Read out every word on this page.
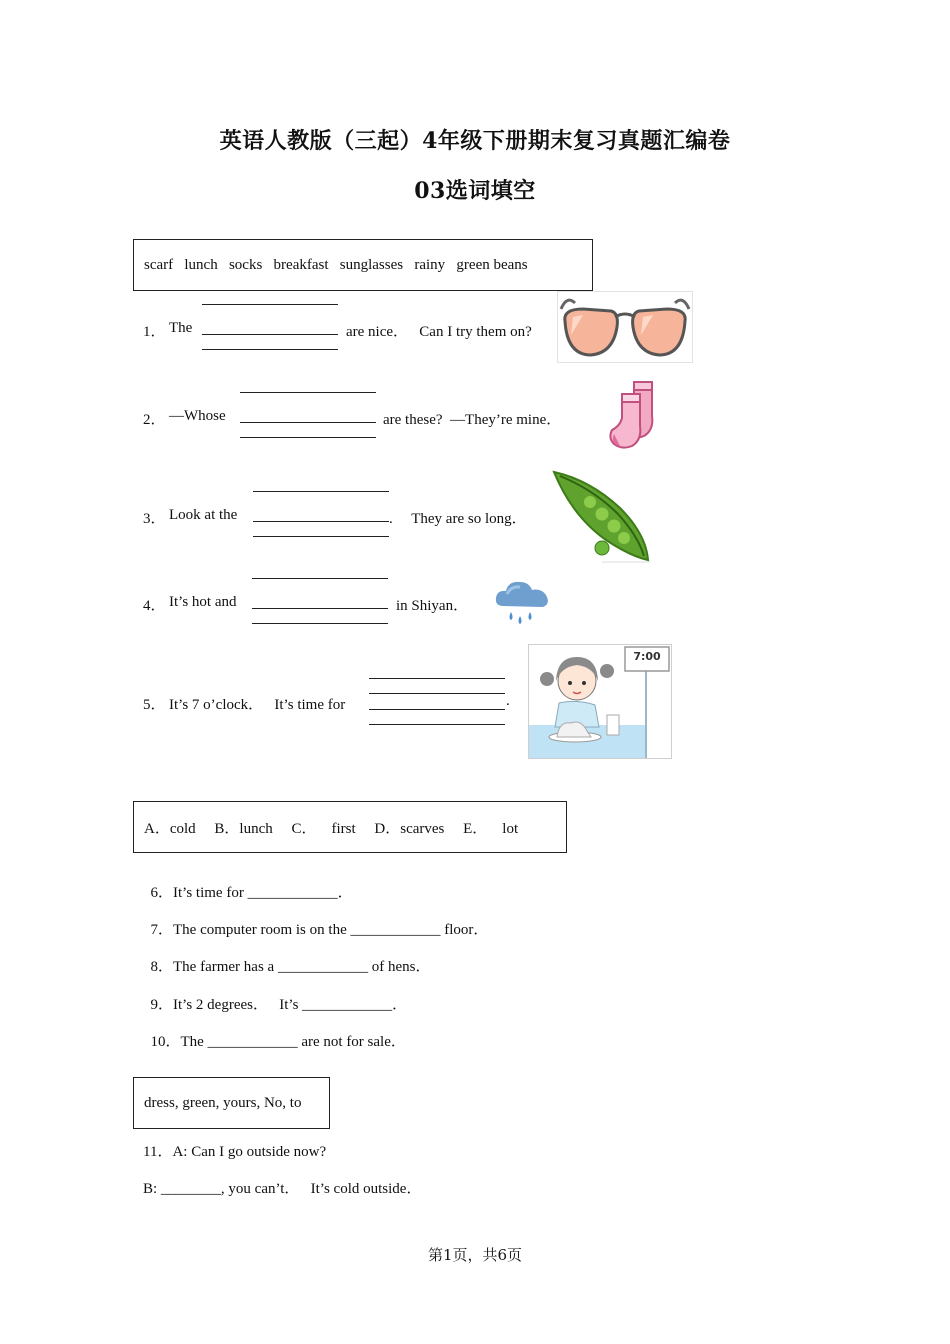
英语人教版（三起）4年级下册期末复习真题汇编卷
03选词填空
scarf   lunch   socks   breakfast   sunglasses   rainy   green beans
1． The	are nice．   Can I try them on?
2． —Whose	are these?  —They’re mine．
3． Look at the	.     They are so long．
4． It’s hot and	in Shiyan．
5． It’s 7 o’clock．   It’s time for	.
7:00
A．cold     B．lunch     C．    first     D．scarves     E．    lot

6．It’s time for ____________．

7．The computer room is on the ____________ floor．

8．The farmer has a ____________ of hens．

9．It’s 2 degrees．   It’s ____________．

10．The ____________ are not for sale．

dress, green, yours, No, to
11．A: Can I go outside now?
B: ________, you can’t．   It’s cold outside．
第1页，共6页
